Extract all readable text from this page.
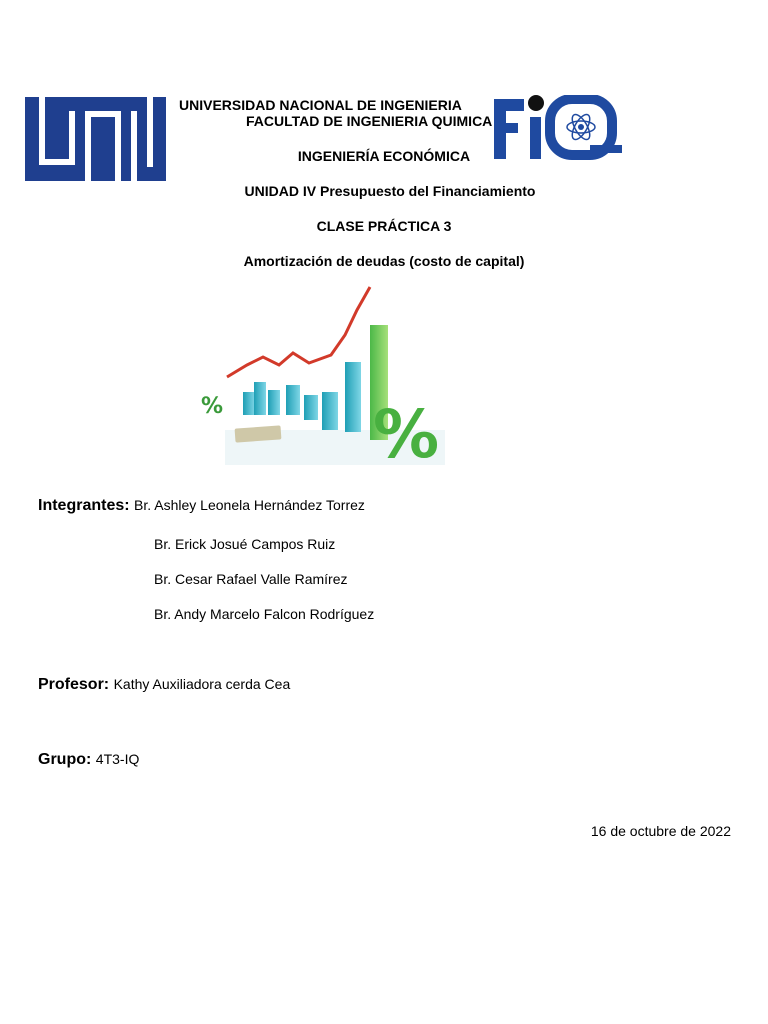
UNIVERSIDAD NACIONAL DE INGENIERIA
FACULTAD DE INGENIERIA QUIMICA
INGENIERÍA ECONÓMICA
UNIDAD IV Presupuesto del Financiamiento
CLASE PRÁCTICA 3
Amortización de deudas (costo de capital)
% %
Integrantes: Br. Ashley Leonela Hernández Torrez
Br. Erick Josué Campos Ruiz
Br. Cesar Rafael Valle Ramírez
Br. Andy Marcelo Falcon Rodríguez
Profesor: Kathy Auxiliadora cerda Cea
Grupo: 4T3-IQ
16 de octubre de 2022
